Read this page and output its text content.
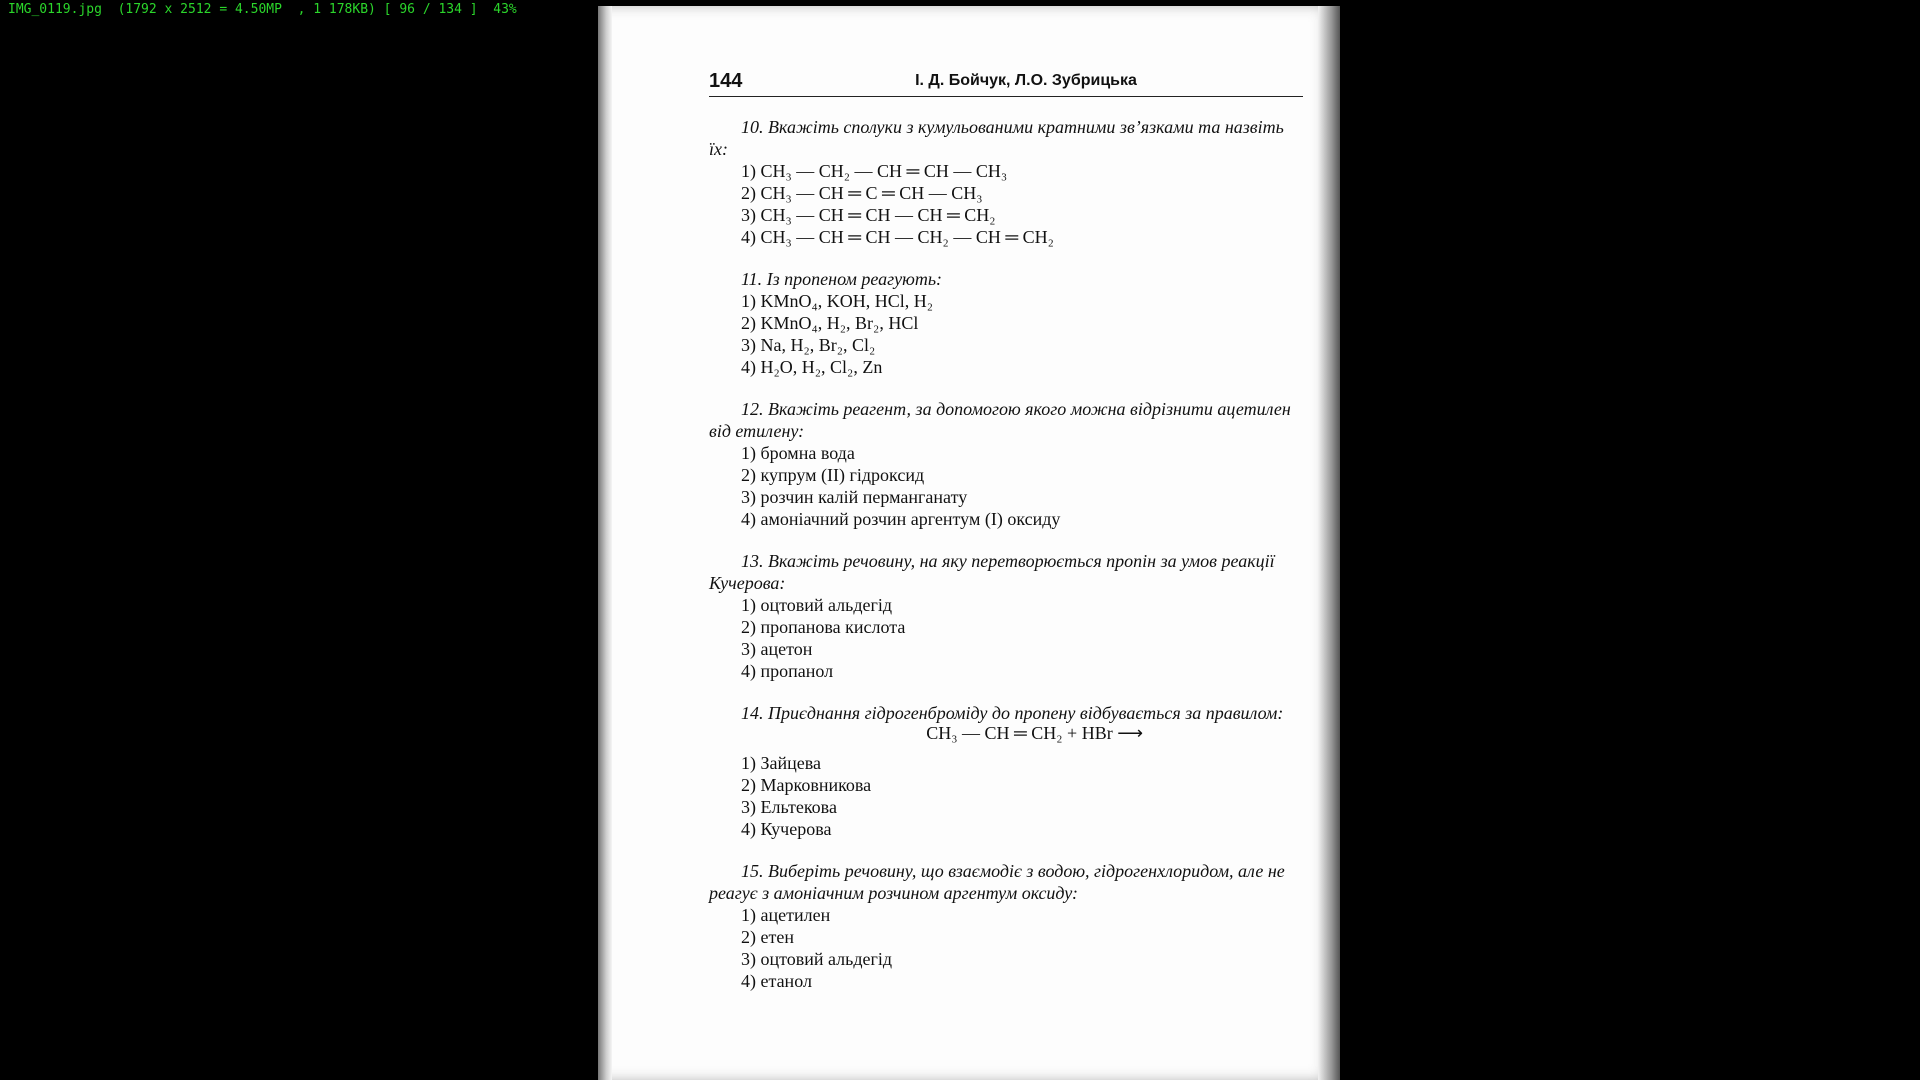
IMG_0119.jpg  (1792 x 2512 = 4.50MP  , 1 178KB) [ 96 / 134 ]  43%
144	І. Д. Бойчук, Л.О. Зубрицька
10. Вкажіть сполуки з кумульованими кратними зв’язками та назвіть їх:
1) CH₃ — CH₂ — CH ═ CH — CH₃
2) CH₃ — CH ═ C ═ CH — CH₃
3) CH₃ — CH ═ CH — CH ═ CH₂
4) CH₃ — CH ═ CH — CH₂ — CH ═ CH₂
11. Із пропеном реагують:
1) KMnO₄, KOH, HCl, H₂
2) KMnO₄, H₂, Br₂, HCl
3) Na, H₂, Br₂, Cl₂
4) H₂O, H₂, Cl₂, Zn
12. Вкажіть реагент, за допомогою якого можна відрізнити ацетилен від етилену:
1) бромна вода
2) купрум (II) гідроксид
3) розчин калій перманганату
4) амоніачний розчин аргентум (I) оксиду
13. Вкажіть речовину, на яку перетворюється пропін за умов реакції Кучерова:
1) оцтовий альдегід
2) пропанова кислота
3) ацетон
4) пропанол
14. Приєднання гідрогенброміду до пропену відбувається за правилом:
CH₃ — CH ═ CH₂ + HBr ⟶
1) Зайцева
2) Марковникова
3) Ельтекова
4) Кучерова
15. Виберіть речовину, що взаємодіє з водою, гідрогенхлоридом, але не реагує з амоніачним розчином аргентум оксиду:
1) ацетилен
2) етен
3) оцтовий альдегід
4) етанол
